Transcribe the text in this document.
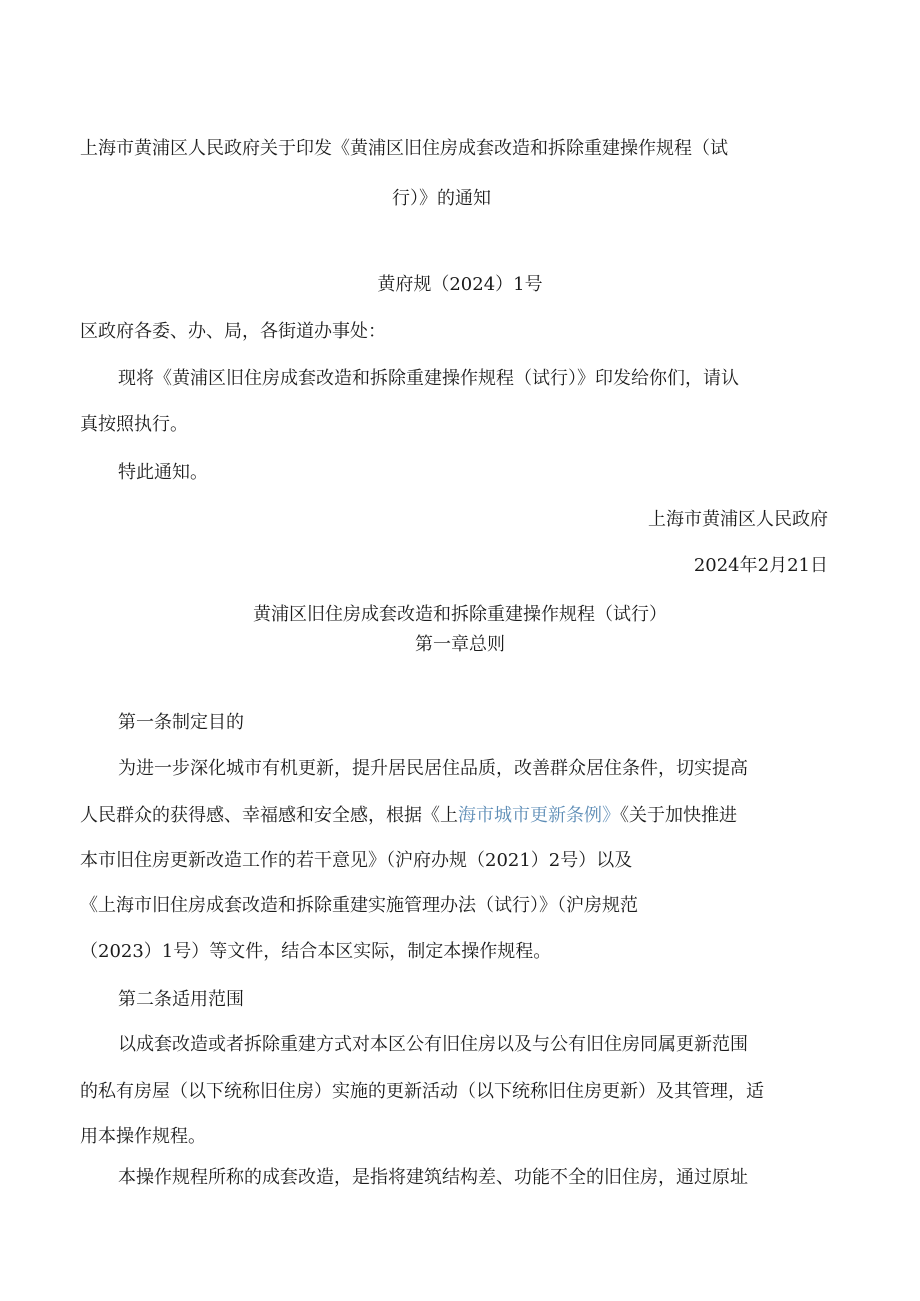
上海市黄浦区人民政府关于印发《黄浦区旧住房成套改造和拆除重建操作规程（试
行）》的通知
黄府规（2024）1号
区政府各委、办、局，各街道办事处：
现将《黄浦区旧住房成套改造和拆除重建操作规程（试行）》印发给你们，请认
真按照执行。
特此通知。
上海市黄浦区人民政府
2024年2月21日
黄浦区旧住房成套改造和拆除重建操作规程（试行）
第一章总则
第一条制定目的
为进一步深化城市有机更新，提升居民居住品质，改善群众居住条件，切实提高
人民群众的获得感、幸福感和安全感，根据《上海市城市更新条例》《关于加快推进
本市旧住房更新改造工作的若干意见》（沪府办规（2021）2号）以及
《上海市旧住房成套改造和拆除重建实施管理办法（试行）》（沪房规范
（2023）1号）等文件，结合本区实际，制定本操作规程。
第二条适用范围
以成套改造或者拆除重建方式对本区公有旧住房以及与公有旧住房同属更新范围
的私有房屋（以下统称旧住房）实施的更新活动（以下统称旧住房更新）及其管理，适
用本操作规程。
本操作规程所称的成套改造，是指将建筑结构差、功能不全的旧住房，通过原址
